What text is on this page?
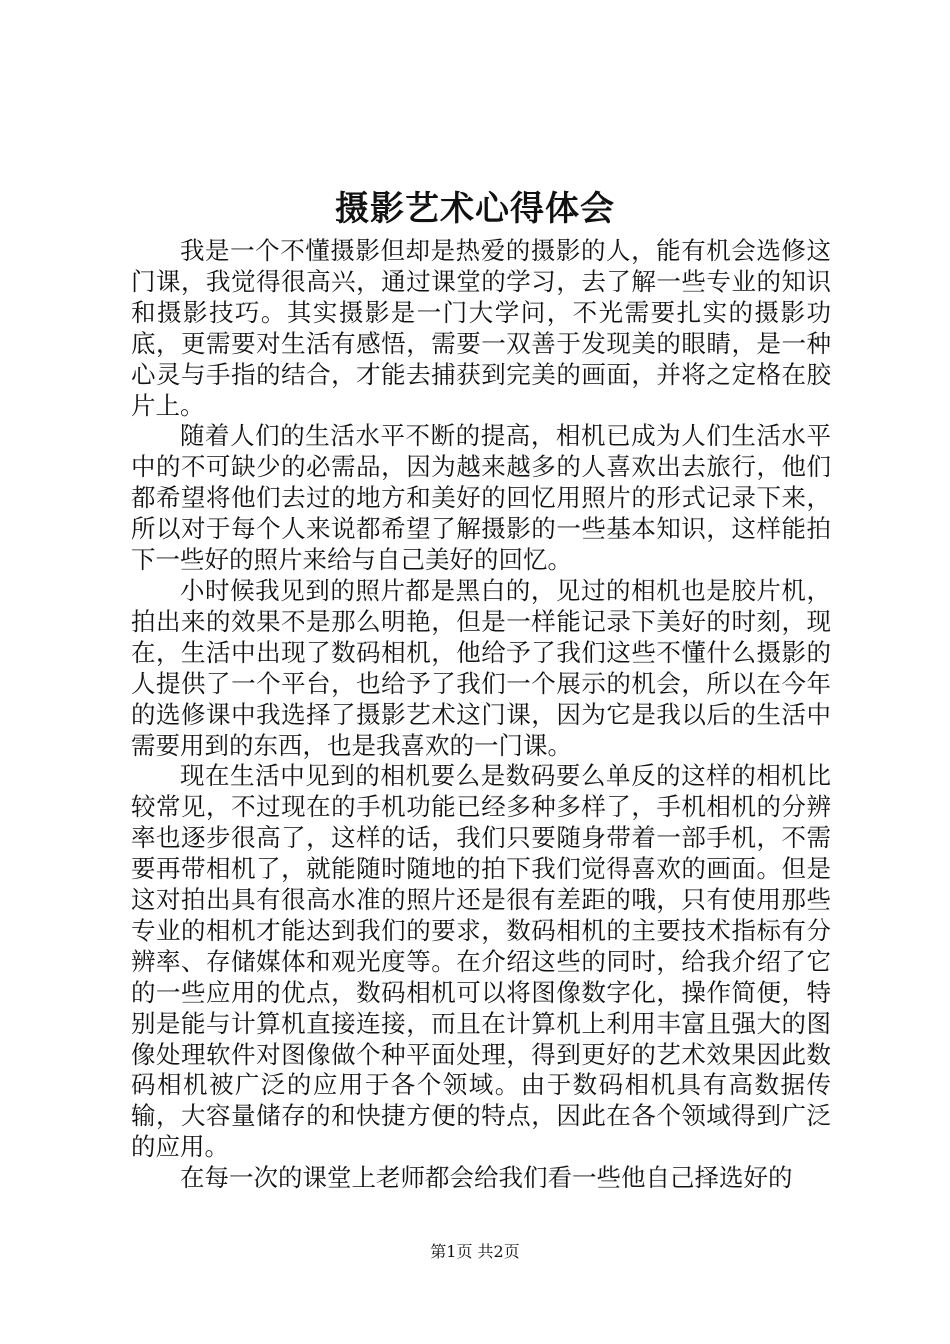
摄影艺术心得体会

我是一个不懂摄影但却是热爱的摄影的人，能有机会选修这门课，我觉得很高兴，通过课堂的学习，去了解一些专业的知识和摄影技巧。其实摄影是一门大学问，不光需要扎实的摄影功底，更需要对生活有感悟，需要一双善于发现美的眼睛，是一种心灵与手指的结合，才能去捕获到完美的画面，并将之定格在胶片上。

随着人们的生活水平不断的提高，相机已成为人们生活水平中的不可缺少的必需品，因为越来越多的人喜欢出去旅行，他们都希望将他们去过的地方和美好的回忆用照片的形式记录下来，所以对于每个人来说都希望了解摄影的一些基本知识，这样能拍下一些好的照片来给与自己美好的回忆。

小时候我见到的照片都是黑白的，见过的相机也是胶片机，拍出来的效果不是那么明艳，但是一样能记录下美好的时刻，现在，生活中出现了数码相机，他给予了我们这些不懂什么摄影的人提供了一个平台，也给予了我们一个展示的机会，所以在今年的选修课中我选择了摄影艺术这门课，因为它是我以后的生活中需要用到的东西，也是我喜欢的一门课。

现在生活中见到的相机要么是数码要么单反的这样的相机比较常见，不过现在的手机功能已经多种多样了，手机相机的分辨率也逐步很高了，这样的话，我们只要随身带着一部手机，不需要再带相机了，就能随时随地的拍下我们觉得喜欢的画面。但是这对拍出具有很高水准的照片还是很有差距的哦，只有使用那些专业的相机才能达到我们的要求，数码相机的主要技术指标有分辨率、存储媒体和观光度等。在介绍这些的同时，给我介绍了它的一些应用的优点，数码相机可以将图像数字化，操作简便，特别是能与计算机直接连接，而且在计算机上利用丰富且强大的图像处理软件对图像做个种平面处理，得到更好的艺术效果因此数码相机被广泛的应用于各个领域。由于数码相机具有高数据传输，大容量储存的和快捷方便的特点，因此在各个领域得到广泛的应用。

在每一次的课堂上老师都会给我们看一些他自己择选好的

第1页 共2页
